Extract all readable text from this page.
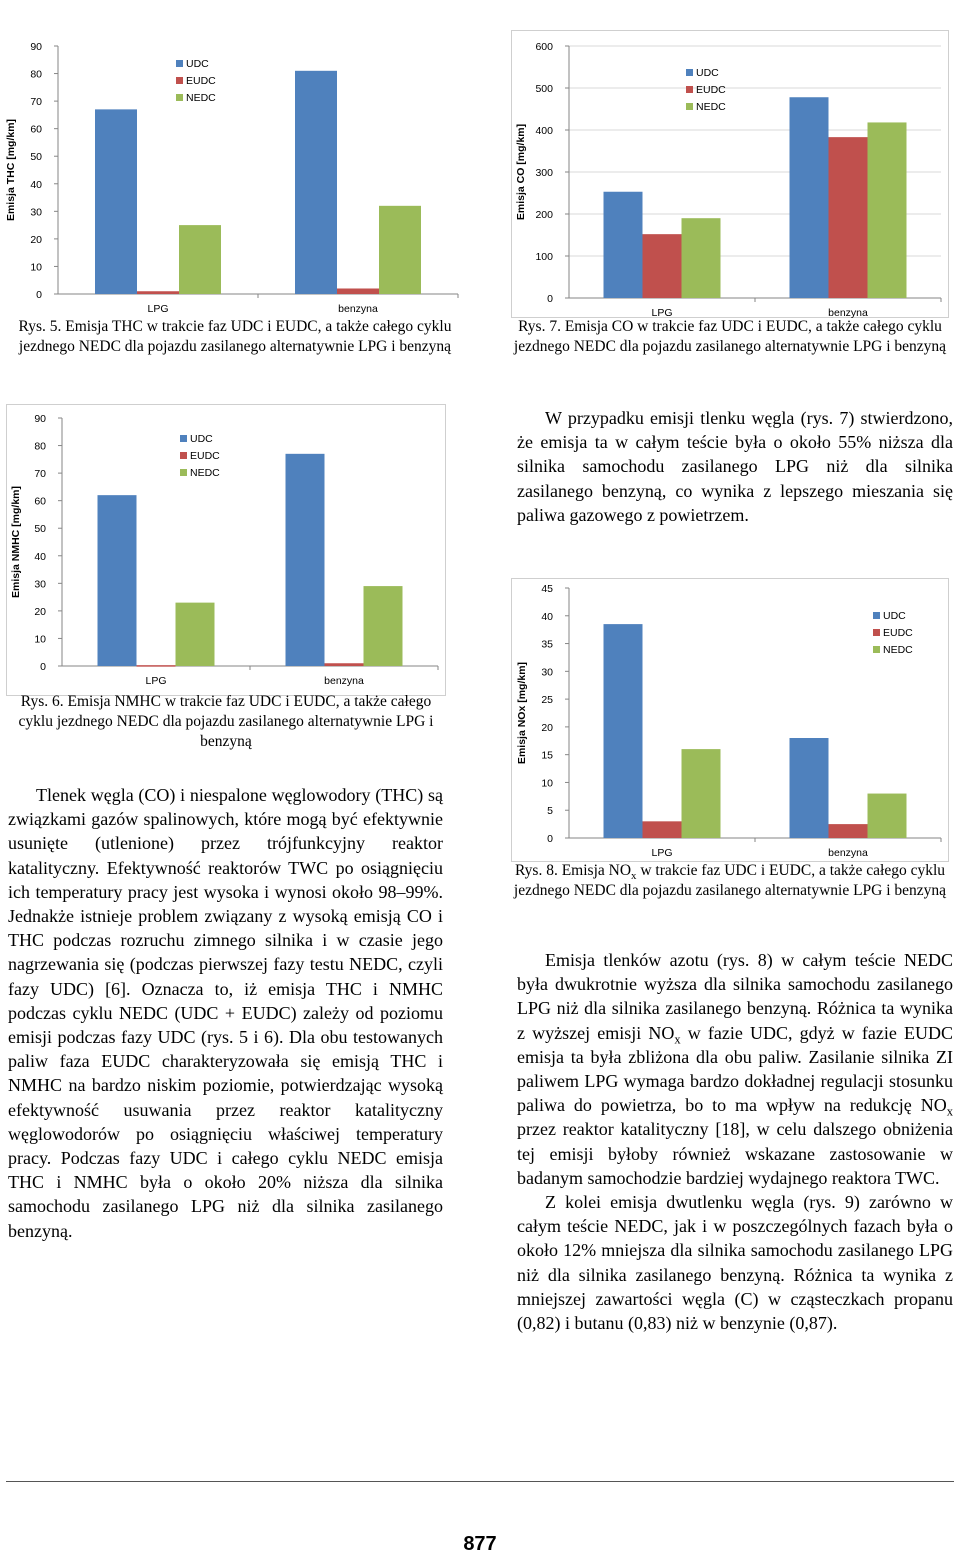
0
10
20
30
40
50
60
70
80
90
Emisja THC [mg/km]
LPG	benzyna
UDC
EUDC
NEDC
Rys. 5. Emisja THC w trakcie faz UDC i EUDC, a także całego cyklu jezdnego NEDC dla pojazdu zasilanego alternatywnie LPG i benzyną
0
100
200
300
400
500
600
Emisja CO [mg/km]
LPG	benzyna
UDC
EUDC
NEDC
Rys. 7. Emisja CO w trakcie faz UDC i EUDC, a także całego cyklu jezdnego NEDC dla pojazdu zasilanego alternatywnie LPG i benzyną
0
10
20
30
40
50
60
70
80
90
Emisja NMHC [mg/km]
LPG	benzyna
UDC
EUDC
NEDC
Rys. 6. Emisja NMHC w trakcie faz UDC i EUDC, a także całego cyklu jezdnego NEDC dla pojazdu zasilanego alternatywnie LPG i benzyną

W przypadku emisji tlenku węgla (rys. 7) stwierdzono, że emisja ta w całym teście była o około 55% niższa dla silnika samochodu zasilanego LPG niż dla silnika zasilanego benzyną, co wynika z lepszego mieszania się paliwa gazowego z powietrzem.

0
5
10
15
20
25
30
35
40
45
Emisja NOx [mg/km]
LPG	benzyna
UDC
EUDC
NEDC
Rys. 8. Emisja $NO_x$ w trakcie faz UDC i EUDC, a także całego cyklu jezdnego NEDC dla pojazdu zasilanego alternatywnie LPG i benzyną

Tlenek węgla (CO) i niespalone węglowodory (THC) są związkami gazów spalinowych, które mogą być efektywnie usunięte (utlenione) przez trójfunkcyjny reaktor katalityczny. Efektywność reaktorów TWC po osiągnięciu ich temperatury pracy jest wysoka i wynosi około 98–99%. Jednakże istnieje problem związany z wysoką emisją CO i THC podczas rozruchu zimnego silnika i w czasie jego nagrzewania się (podczas pierwszej fazy testu NEDC, czyli fazy UDC) [6]. Oznacza to, iż emisja THC i NMHC podczas cyklu NEDC (UDC + EUDC) zależy od poziomu emisji podczas fazy UDC (rys. 5 i 6). Dla obu testowanych paliw faza EUDC charakteryzowała się emisją THC i NMHC na bardzo niskim poziomie, potwierdzając wysoką efektywność usuwania przez reaktor katalityczny węglowodorów po osiągnięciu właściwej temperatury pracy. Podczas fazy UDC i całego cyklu NEDC emisja THC i NMHC była o około 20% niższa dla silnika samochodu zasilanego LPG niż dla silnika zasilanego benzyną.

Emisja tlenków azotu (rys. 8) w całym teście NEDC była dwukrotnie wyższa dla silnika samochodu zasilanego LPG niż dla silnika zasilanego benzyną. Różnica ta wynika z wyższej emisji $NO_x$ w fazie UDC, gdyż w fazie EUDC emisja ta była zbliżona dla obu paliw. Zasilanie silnika ZI paliwem LPG wymaga bardzo dokładnej regulacji stosunku paliwa do powietrza, bo to ma wpływ na redukcję $NO_x$ przez reaktor katalityczny [18], w celu dalszego obniżenia tej emisji byłoby również wskazane zastosowanie w badanym samochodzie bardziej wydajnego reaktora TWC.

Z kolei emisja dwutlenku węgla (rys. 9) zarówno w całym teście NEDC, jak i w poszczególnych fazach była o około 12% mniejsza dla silnika samochodu zasilanego LPG niż dla silnika zasilanego benzyną. Różnica ta wynika z mniejszej zawartości węgla (C) w cząsteczkach propanu (0,82) i butanu (0,83) niż w benzynie (0,87).

877
